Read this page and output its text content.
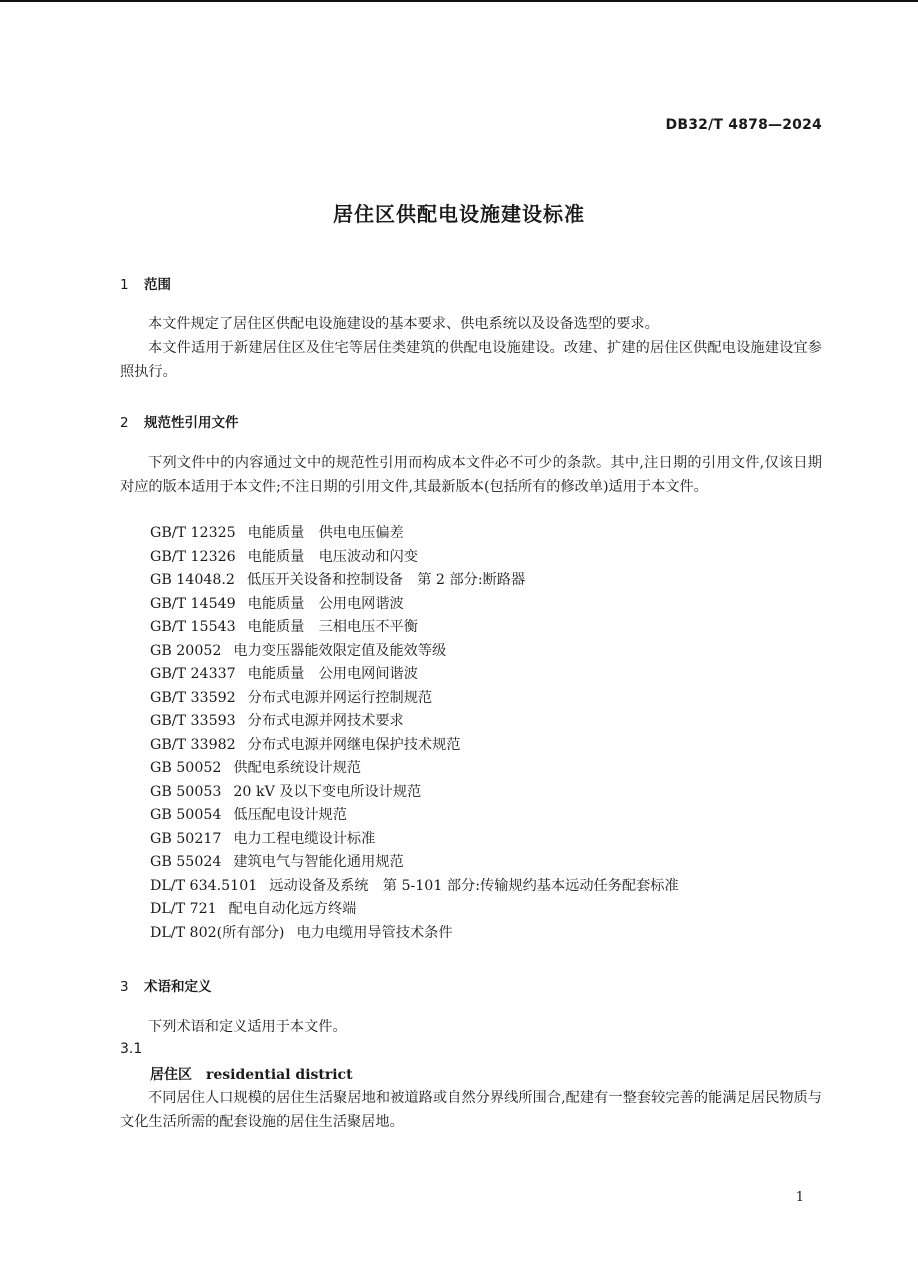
DB32/T 4878—2024
居住区供配电设施建设标准
1 范围
本文件规定了居住区供配电设施建设的基本要求、供电系统以及设备选型的要求。
本文件适用于新建居住区及住宅等居住类建筑的供配电设施建设。改建、扩建的居住区供配电设施建设宜参照执行。
2 规范性引用文件
下列文件中的内容通过文中的规范性引用而构成本文件必不可少的条款。其中,注日期的引用文件,仅该日期对应的版本适用于本文件;不注日期的引用文件,其最新版本(包括所有的修改单)适用于本文件。
GB/T 12325 电能质量　供电电压偏差
GB/T 12326 电能质量　电压波动和闪变
GB 14048.2 低压开关设备和控制设备　第 2 部分:断路器
GB/T 14549 电能质量　公用电网谐波
GB/T 15543 电能质量　三相电压不平衡
GB 20052 电力变压器能效限定值及能效等级
GB/T 24337 电能质量　公用电网间谐波
GB/T 33592 分布式电源并网运行控制规范
GB/T 33593 分布式电源并网技术要求
GB/T 33982 分布式电源并网继电保护技术规范
GB 50052 供配电系统设计规范
GB 50053 20 kV 及以下变电所设计规范
GB 50054 低压配电设计规范
GB 50217 电力工程电缆设计标准
GB 55024 建筑电气与智能化通用规范
DL/T 634.5101 远动设备及系统　第 5-101 部分:传输规约基本远动任务配套标准
DL/T 721 配电自动化远方终端
DL/T 802(所有部分) 电力电缆用导管技术条件
3 术语和定义
下列术语和定义适用于本文件。
3.1
居住区 residential district
不同居住人口规模的居住生活聚居地和被道路或自然分界线所围合,配建有一整套较完善的能满足居民物质与文化生活所需的配套设施的居住生活聚居地。
1
